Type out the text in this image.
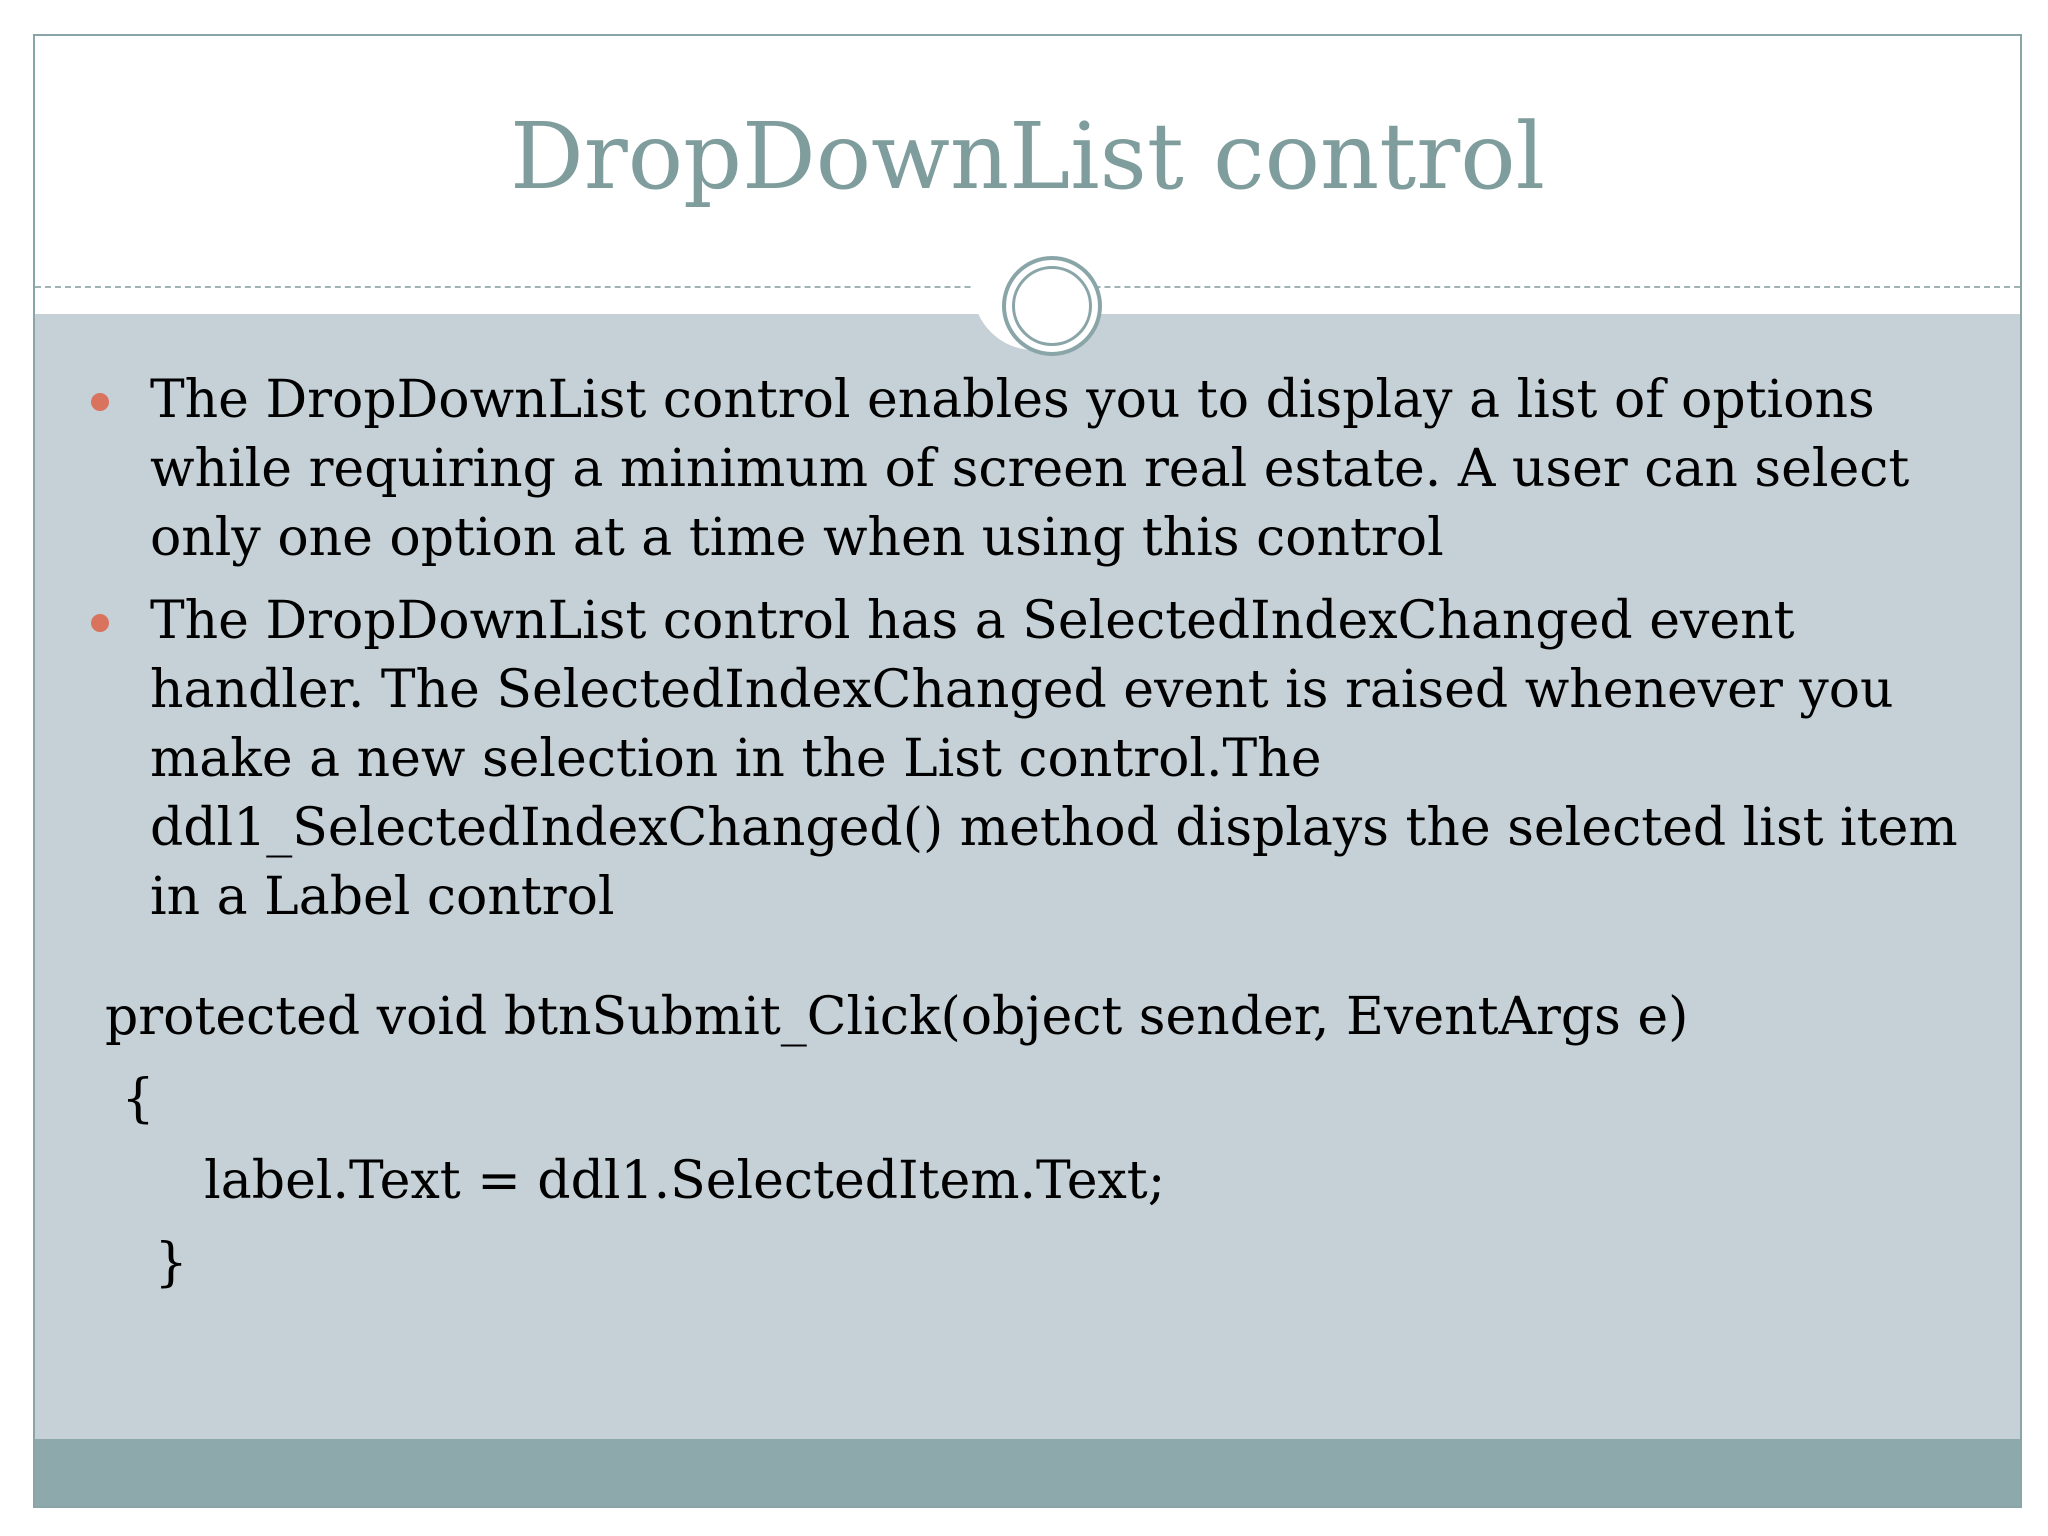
DropDownList control
The DropDownList control enables you to display a list of options while requiring a minimum of screen real estate. A user can select only one option at a time when using this control
The DropDownList control has a SelectedIndexChanged event handler. The SelectedIndexChanged event is raised whenever you make a new selection in the List control.The ddl1_SelectedIndexChanged() method displays the selected list item in a Label control
protected void btnSubmit_Click(object sender, EventArgs e)
{
label.Text = ddl1.SelectedItem.Text;
}
